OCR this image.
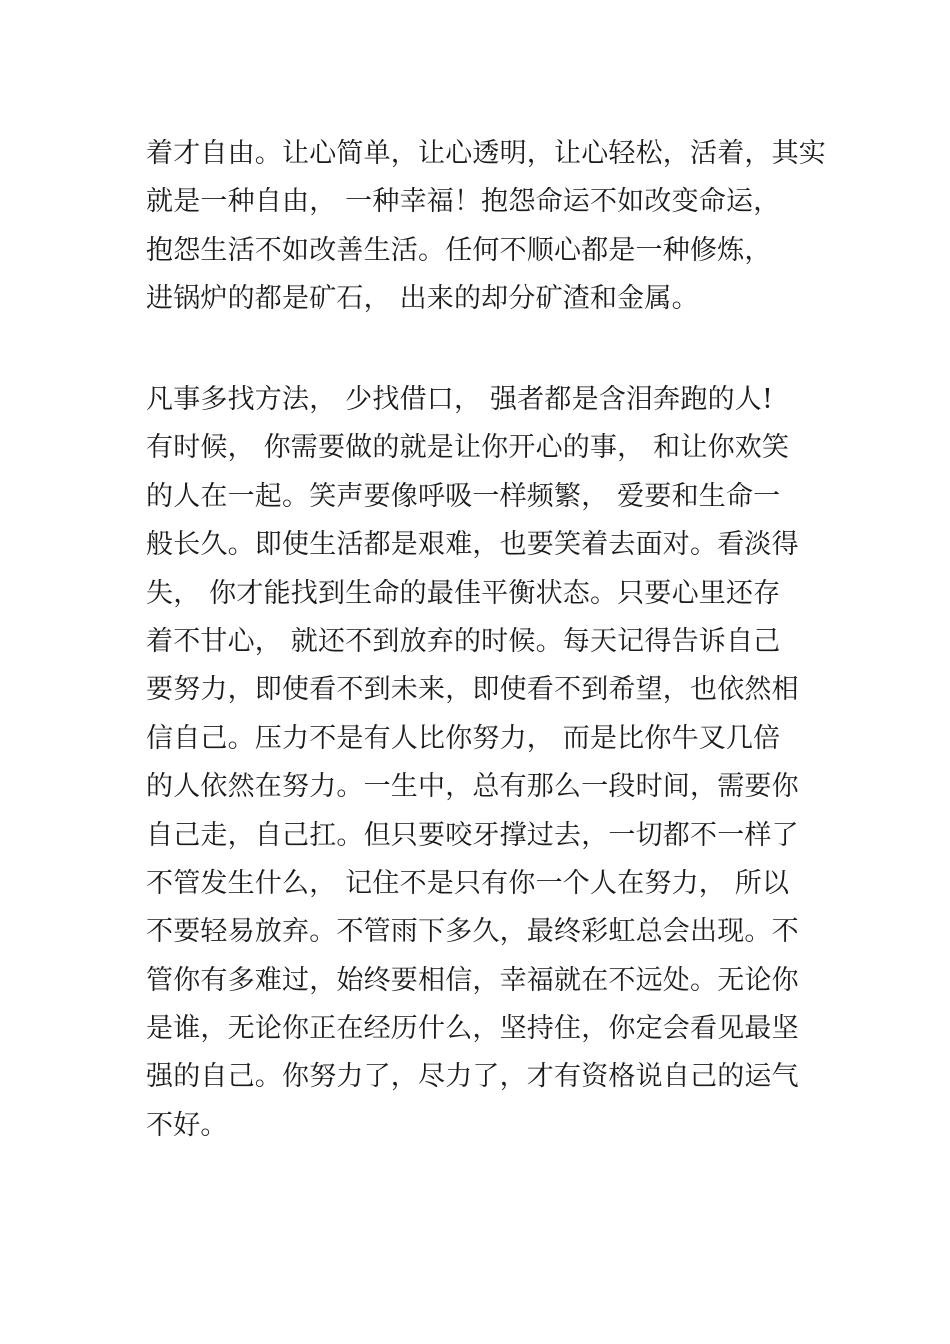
着才自由。让心简单，让心透明，让心轻松，活着，其实
就是一种自由， 一种幸福！抱怨命运不如改变命运，
抱怨生活不如改善生活。任何不顺心都是一种修炼，
进锅炉的都是矿石， 出来的却分矿渣和金属。
凡事多找方法， 少找借口， 强者都是含泪奔跑的人!
有时候， 你需要做的就是让你开心的事， 和让你欢笑
的人在一起。笑声要像呼吸一样频繁， 爱要和生命一
般长久。即使生活都是艰难，也要笑着去面对。看淡得
失， 你才能找到生命的最佳平衡状态。只要心里还存
着不甘心， 就还不到放弃的时候。每天记得告诉自己
要努力，即使看不到未来，即使看不到希望，也依然相
信自己。压力不是有人比你努力， 而是比你牛叉几倍
的人依然在努力。一生中，总有那么一段时间，需要你
自己走，自己扛。但只要咬牙撑过去，一切都不一样了
不管发生什么， 记住不是只有你一个人在努力， 所以
不要轻易放弃。不管雨下多久，最终彩虹总会出现。不
管你有多难过，始终要相信，幸福就在不远处。无论你
是谁，无论你正在经历什么，坚持住，你定会看见最坚
强的自己。你努力了，尽力了，才有资格说自己的运气
不好。
